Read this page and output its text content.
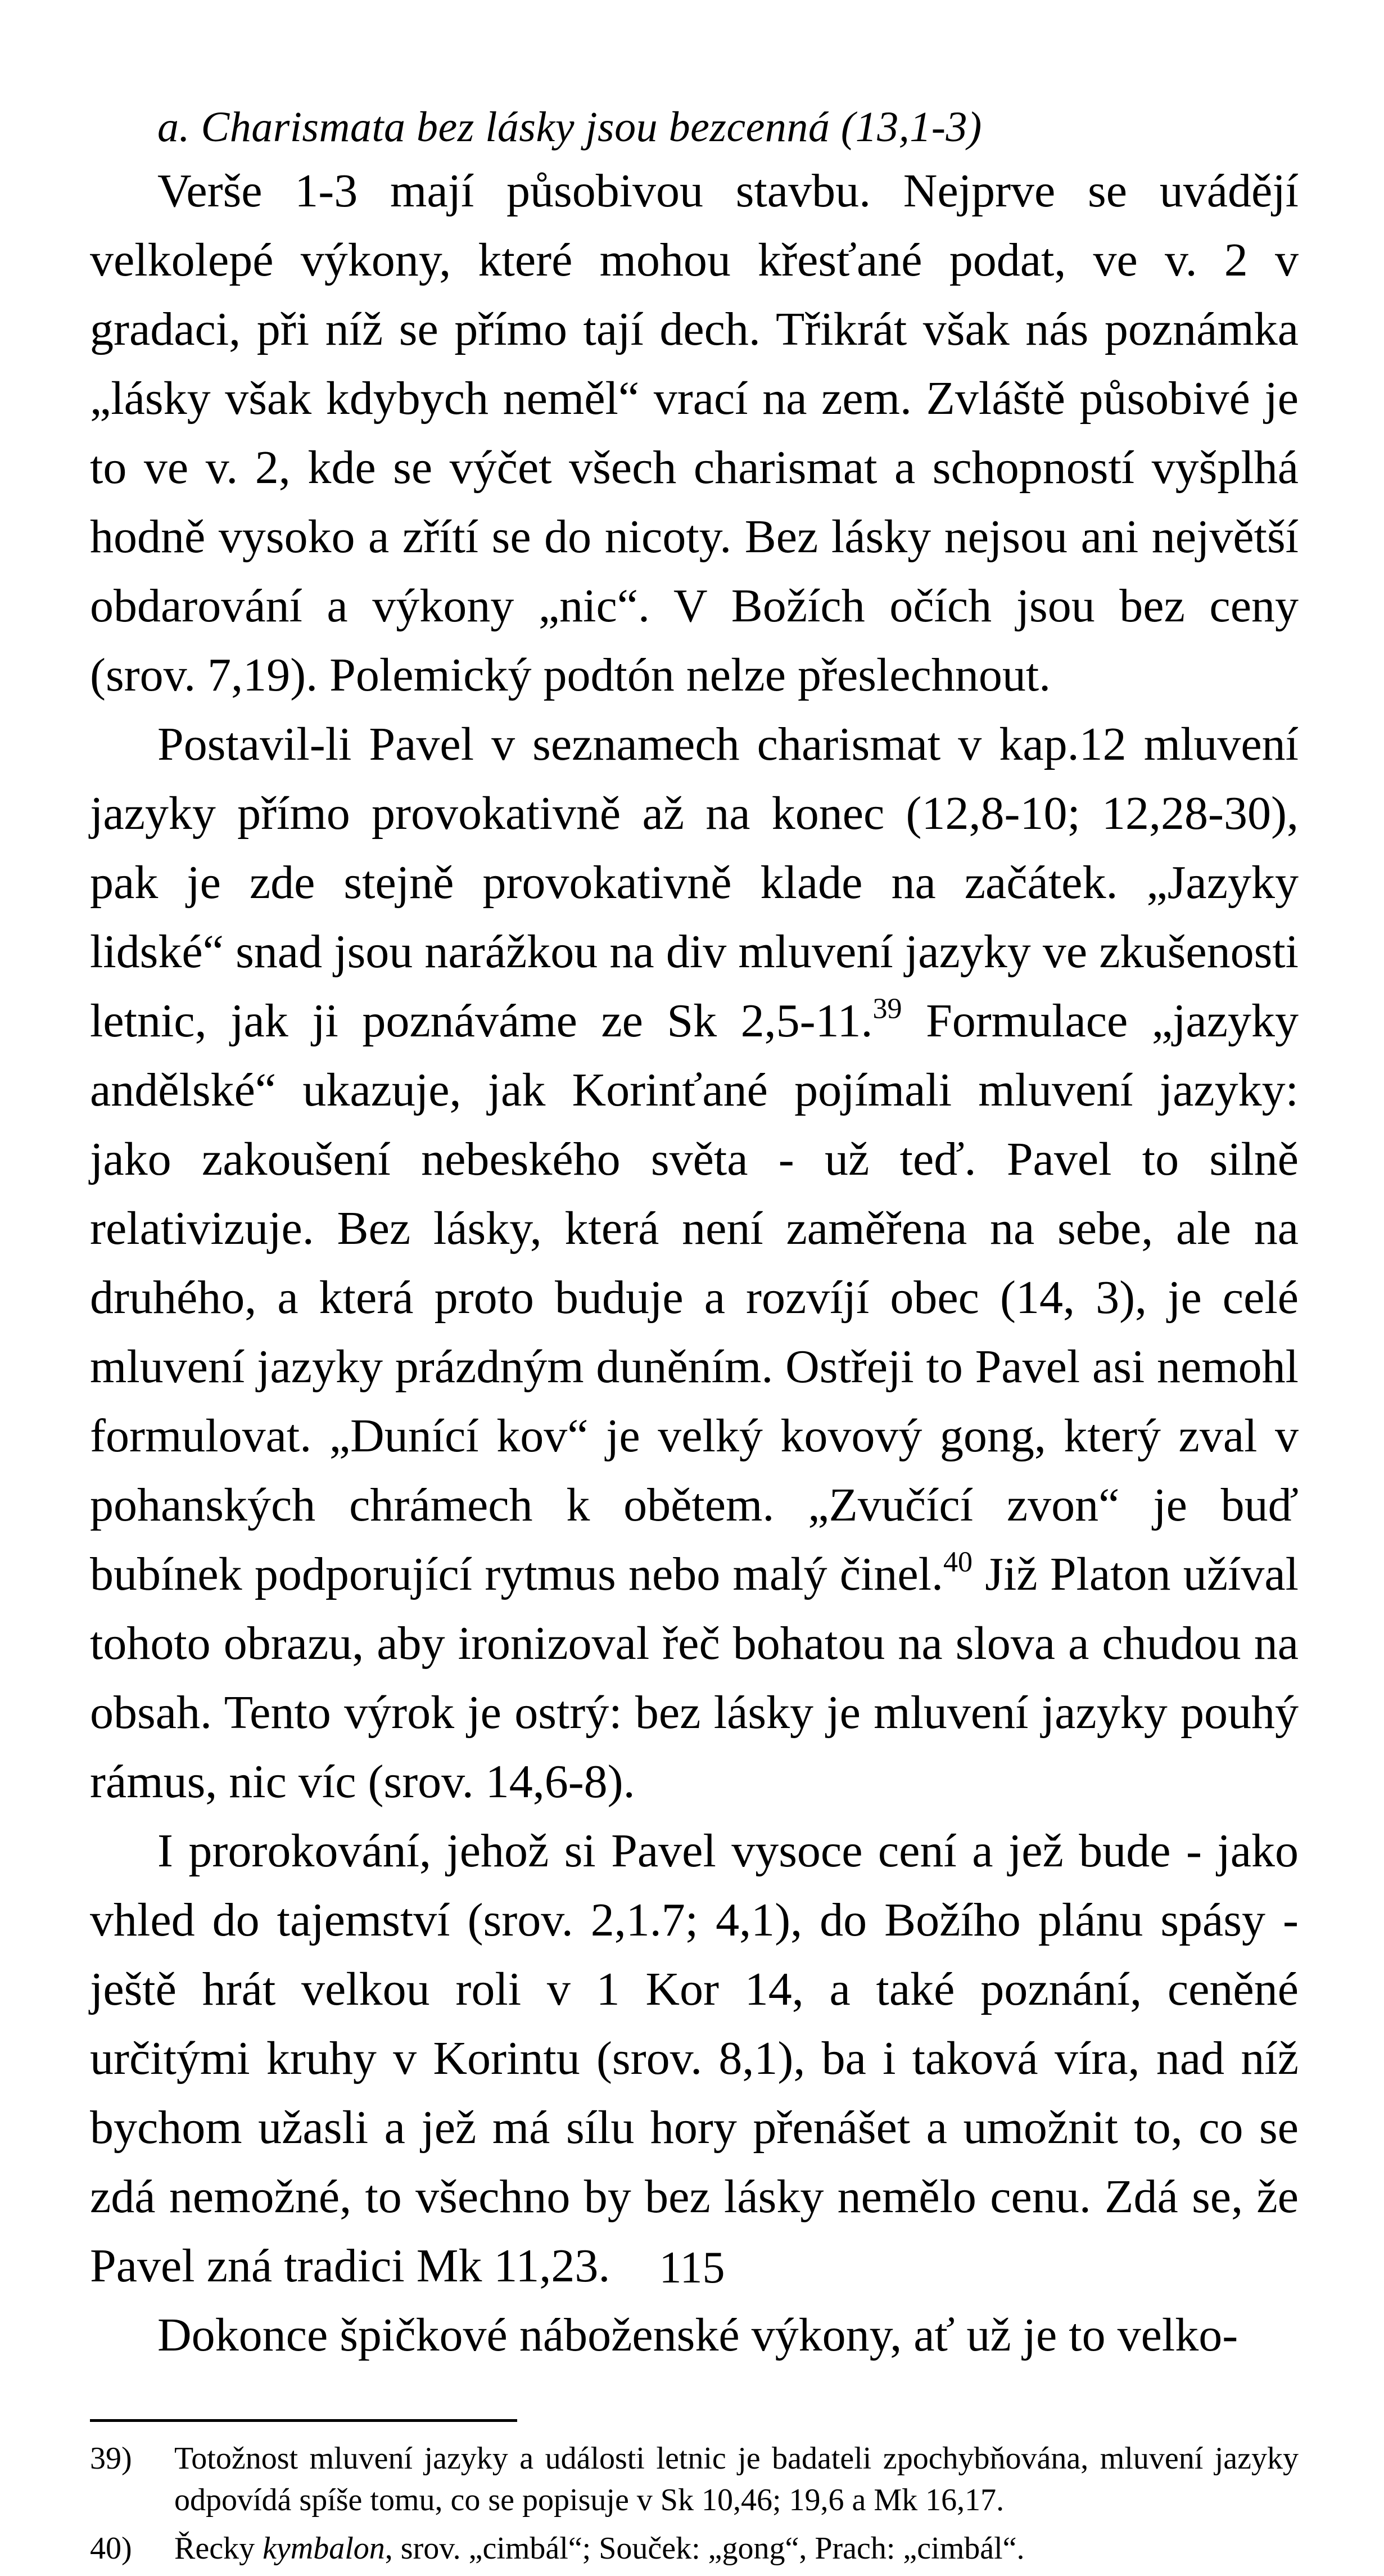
a. Charismata bez lásky jsou bezcenná (13,1-3)

Verše 1-3 mají působivou stavbu. Nejprve se uvádějí velkolepé výkony, které mohou křesťané podat, ve v. 2 v gradaci, při níž se přímo tají dech. Třikrát však nás poznámka „lásky však kdybych neměl“ vrací na zem. Zvláště působivé je to ve v. 2, kde se výčet všech charismat a schopností vyšplhá hodně vysoko a zřítí se do nicoty. Bez lásky nejsou ani největší obdarování a výkony „nic“. V Božích očích jsou bez ceny (srov. 7,19). Polemický podtón nelze přeslechnout.

Postavil-li Pavel v seznamech charismat v kap.12 mluvení jazyky přímo provokativně až na konec (12,8-10; 12,28-30), pak je zde stejně provokativně klade na začátek. „Jazyky lidské“ snad jsou narážkou na div mluvení jazyky ve zkušenosti letnic, jak ji poznáváme ze Sk 2,5-11.39 Formulace „jazyky andělské“ ukazuje, jak Korinťané pojímali mluvení jazyky: jako zakoušení nebeského světa - už teď. Pavel to silně relativizuje. Bez lásky, která není zaměřena na sebe, ale na druhého, a která proto buduje a rozvíjí obec (14, 3), je celé mluvení jazyky prázdným duněním. Ostřeji to Pavel asi nemohl formulovat. „Dunící kov“ je velký kovový gong, který zval v pohanských chrámech k obětem. „Zvučící zvon“ je buď bubínek podporující rytmus nebo malý činel.$^{40}$ Již Platon užíval tohoto obrazu, aby ironizoval řeč bohatou na slova a chudou na obsah. Tento výrok je ostrý: bez lásky je mluvení jazyky pouhý rámus, nic víc (srov. 14,6-8).

I prorokování, jehož si Pavel vysoce cení a jež bude - jako vhled do tajemství (srov. 2,1.7; 4,1), do Božího plánu spásy - ještě hrát velkou roli v 1 Kor 14, a také poznání, ceněné určitými kruhy v Korintu (srov. 8,1), ba i taková víra, nad níž bychom užasli a jež má sílu hory přenášet a umožnit to, co se zdá nemožné, to všechno by bez lásky nemělo cenu. Zdá se, že Pavel zná tradici Mk 11,23.

Dokonce špičkové náboženské výkony, ať už je to velko-

39) Totožnost mluvení jazyky a události letnic je badateli zpochybňována, mluvení jazyky odpovídá spíše tomu, co se popisuje v Sk 10,46; 19,6 a Mk 16,17.
40) Řecky kymbalon, srov. „cimbál“; Souček: „gong“, Prach: „cimbál“.
115
